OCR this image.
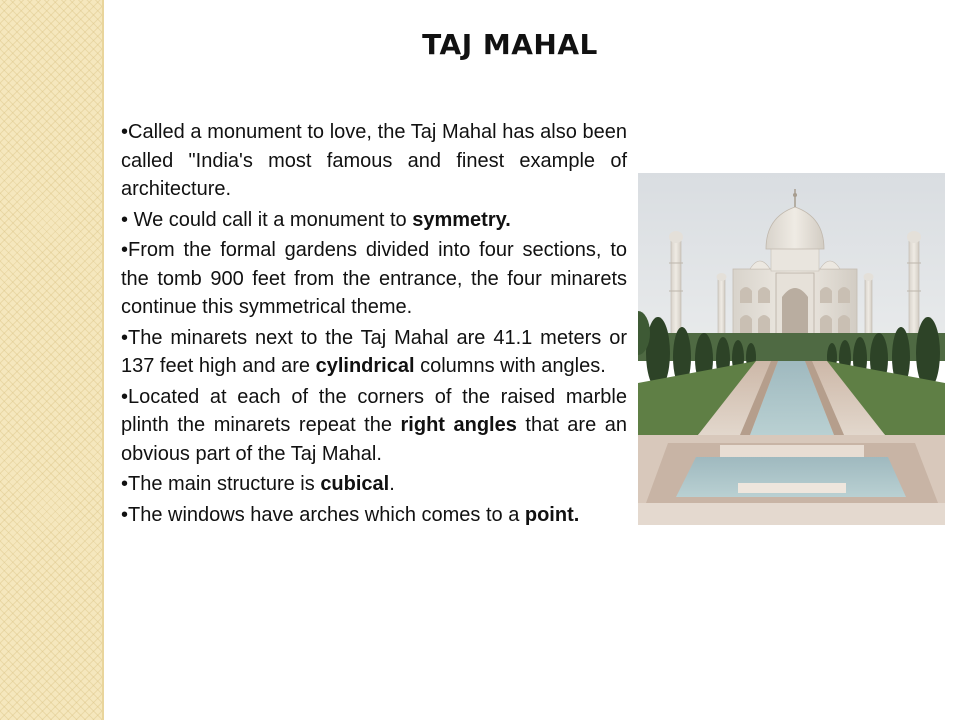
TAJ MAHAL
•Called a monument to love, the Taj Mahal has also been called "India's most famous and finest example of architecture.
• We could call it a monument to symmetry.
•From the formal gardens divided into four sections, to the tomb 900 feet from the entrance, the four minarets continue this symmetrical theme.
•The minarets next to the Taj Mahal are 41.1 meters or 137 feet high and are cylindrical columns with angles.
•Located at each of the corners of the raised marble plinth the minarets repeat the right angles that are an obvious part of the Taj Mahal.
•The main structure is cubical.
•The windows have arches which comes to a point.
